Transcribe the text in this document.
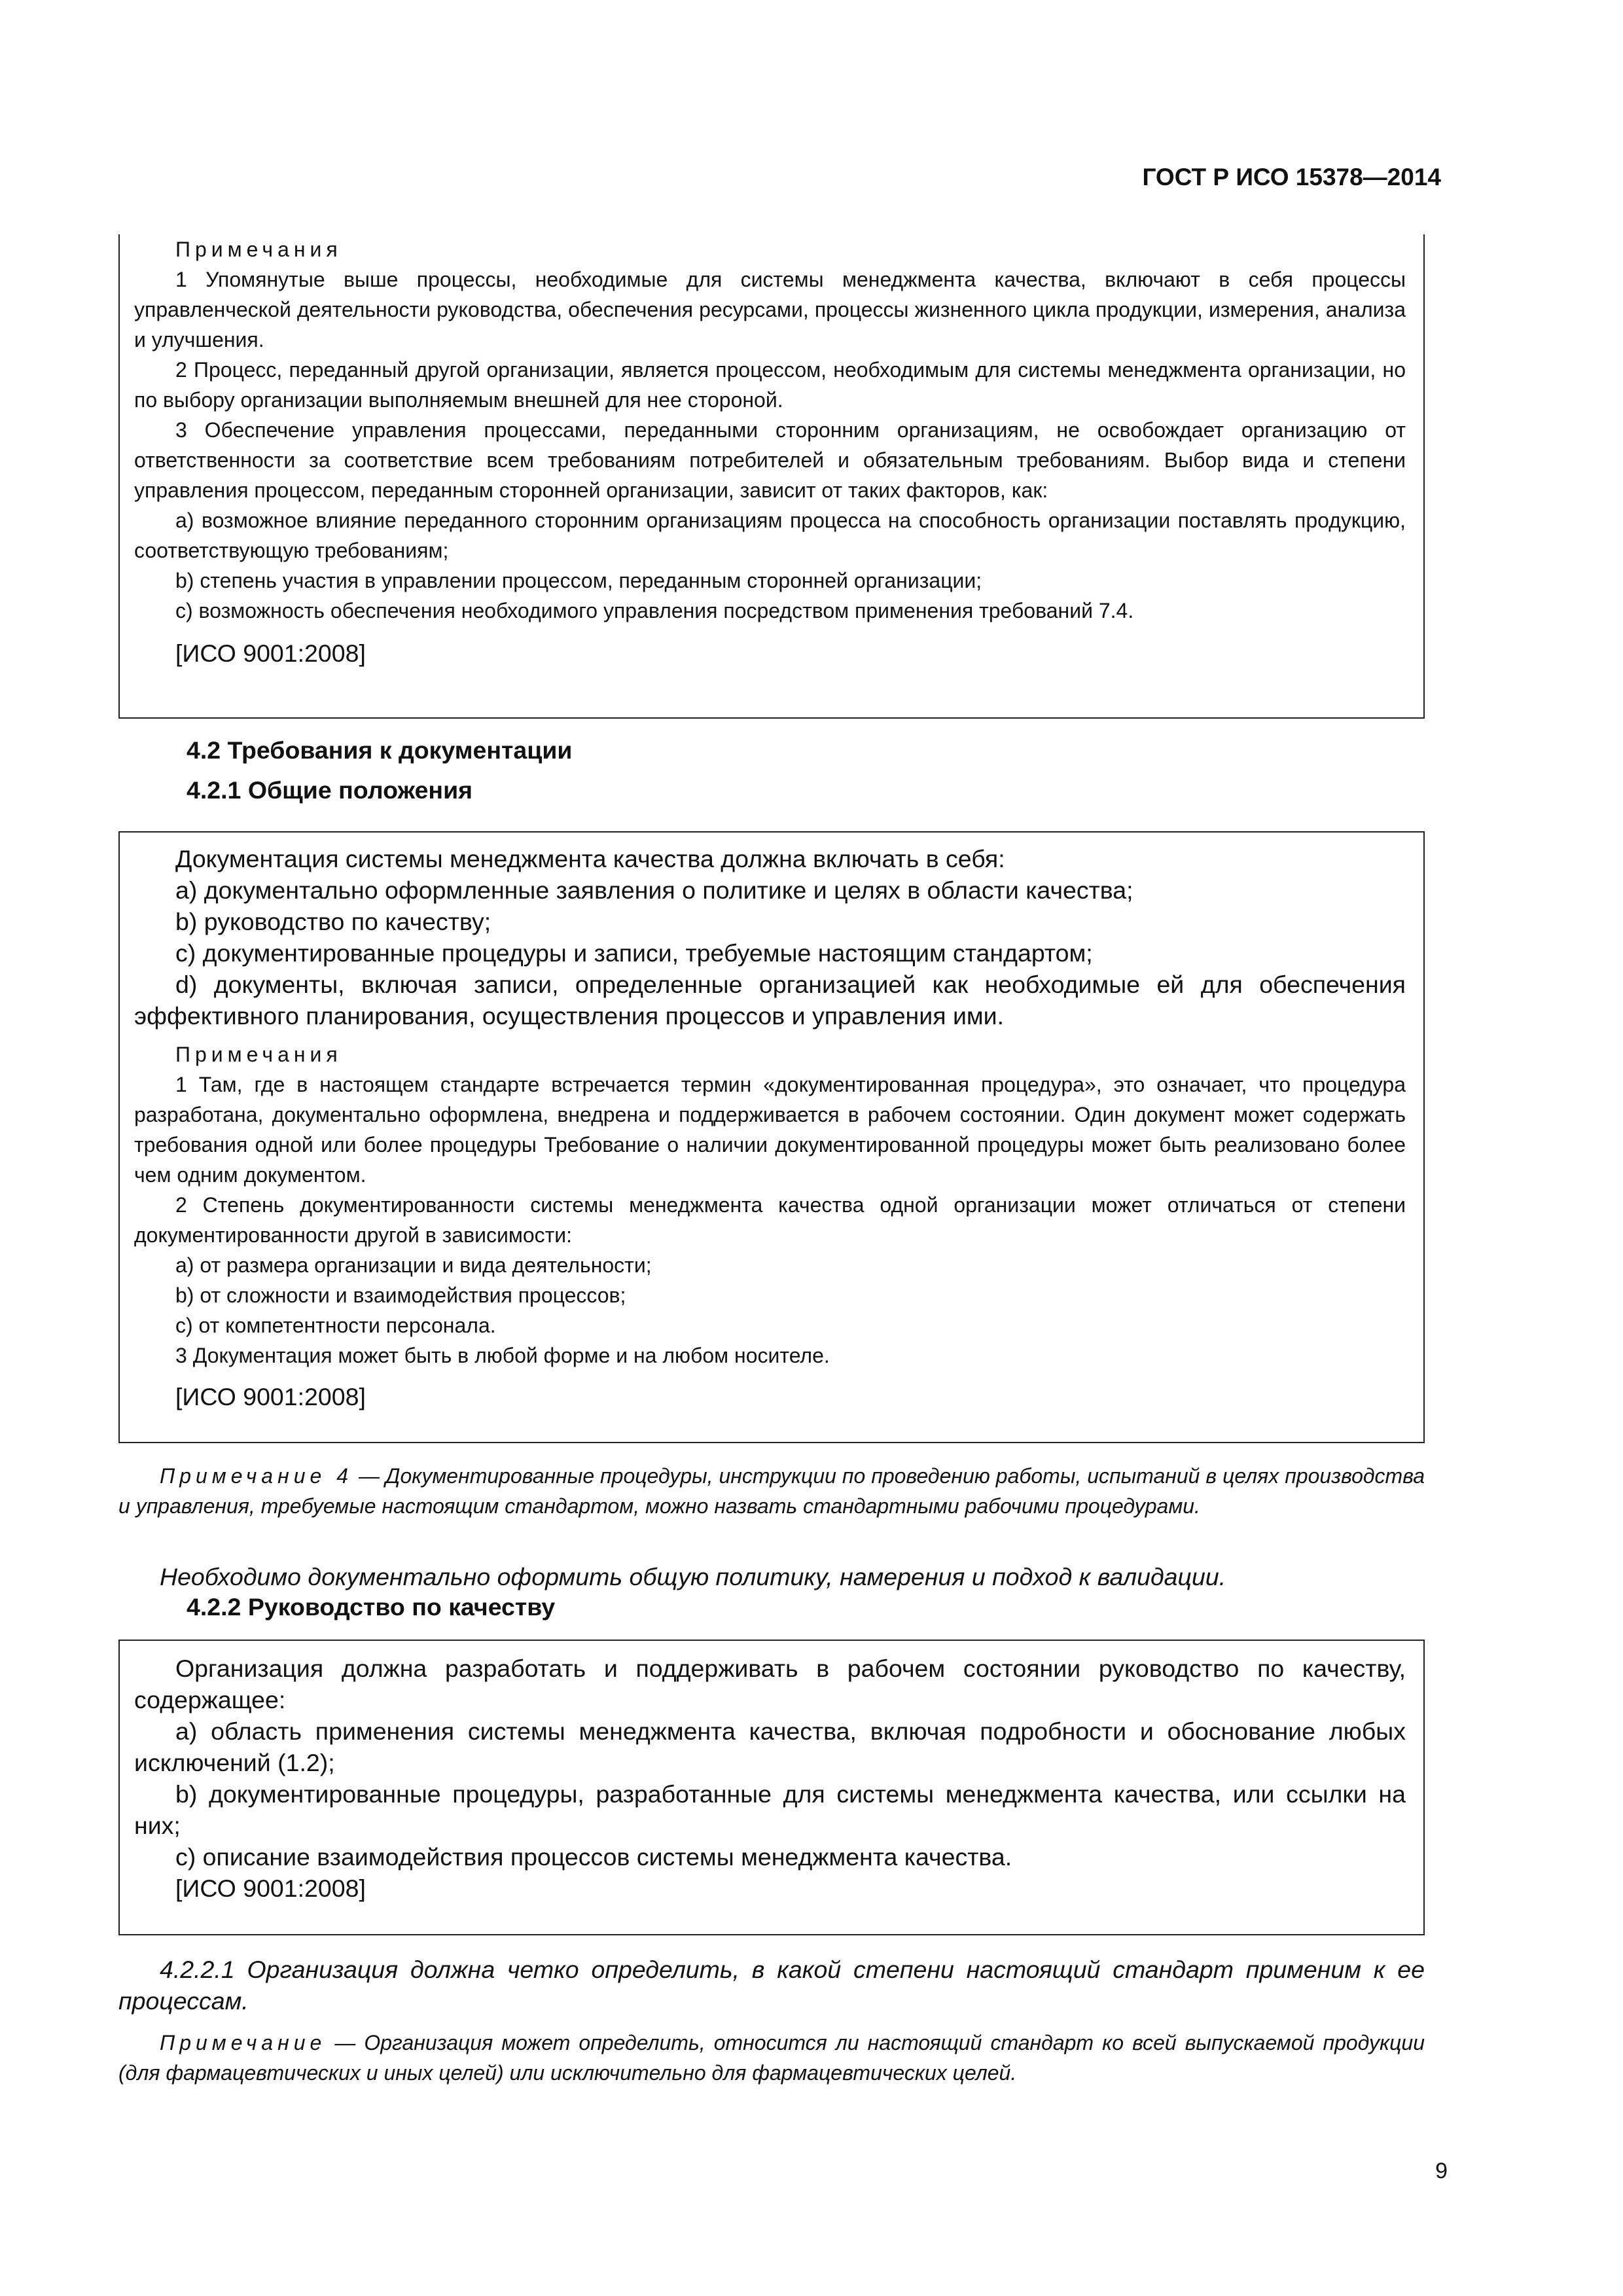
ГОСТ Р ИСО 15378—2014

Примечания

1 Упомянутые выше процессы, необходимые для системы менеджмента качества, включают в себя процессы управленческой деятельности руководства, обеспечения ресурсами, процессы жизненного цикла продукции, измерения, анализа и улучшения.

2 Процесс, переданный другой организации, является процессом, необходимым для системы менеджмента организации, но по выбору организации выполняемым внешней для нее стороной.

3 Обеспечение управления процессами, переданными сторонним организациям, не освобождает организацию от ответственности за соответствие всем требованиям потребителей и обязательным требованиям. Выбор вида и степени управления процессом, переданным сторонней организации, зависит от таких факторов, как:

a) возможное влияние переданного сторонним организациям процесса на способность организации поставлять продукцию, соответствующую требованиям;

b) степень участия в управлении процессом, переданным сторонней организации;

c) возможность обеспечения необходимого управления посредством применения требований 7.4.

[ИСО 9001:2008]

4.2 Требования к документации
4.2.1 Общие положения

Документация системы менеджмента качества должна включать в себя:

a) документально оформленные заявления о политике и целях в области качества;

b) руководство по качеству;

c) документированные процедуры и записи, требуемые настоящим стандартом;

d) документы, включая записи, определенные организацией как необходимые ей для обеспечения эффективного планирования, осуществления процессов и управления ими.

Примечания

1 Там, где в настоящем стандарте встречается термин «документированная процедура», это означает, что процедура разработана, документально оформлена, внедрена и поддерживается в рабочем состоянии. Один документ может содержать требования одной или более процедуры Требование о наличии документированной процедуры может быть реализовано более чем одним документом.

2 Степень документированности системы менеджмента качества одной организации может отличаться от степени документированности другой в зависимости:

a) от размера организации и вида деятельности;

b) от сложности и взаимодействия процессов;

c) от компетентности персонала.

3 Документация может быть в любой форме и на любом носителе.

[ИСО 9001:2008]

Примечание 4 — Документированные процедуры, инструкции по проведению работы, испытаний в целях производства и управления, требуемые настоящим стандартом, можно назвать стандартными рабочими процедурами.

Необходимо документально оформить общую политику, намерения и подход к валидации.

4.2.2 Руководство по качеству

Организация должна разработать и поддерживать в рабочем состоянии руководство по качеству, содержащее:

a) область применения системы менеджмента качества, включая подробности и обоснование любых исключений (1.2);

b) документированные процедуры, разработанные для системы менеджмента качества, или ссылки на них;

c) описание взаимодействия процессов системы менеджмента качества.

[ИСО 9001:2008]

4.2.2.1 Организация должна четко определить, в какой степени настоящий стандарт применим к ее процессам.

Примечание — Организация может определить, относится ли настоящий стандарт ко всей выпускаемой продукции (для фармацевтических и иных целей) или исключительно для фармацевтических целей.

9
